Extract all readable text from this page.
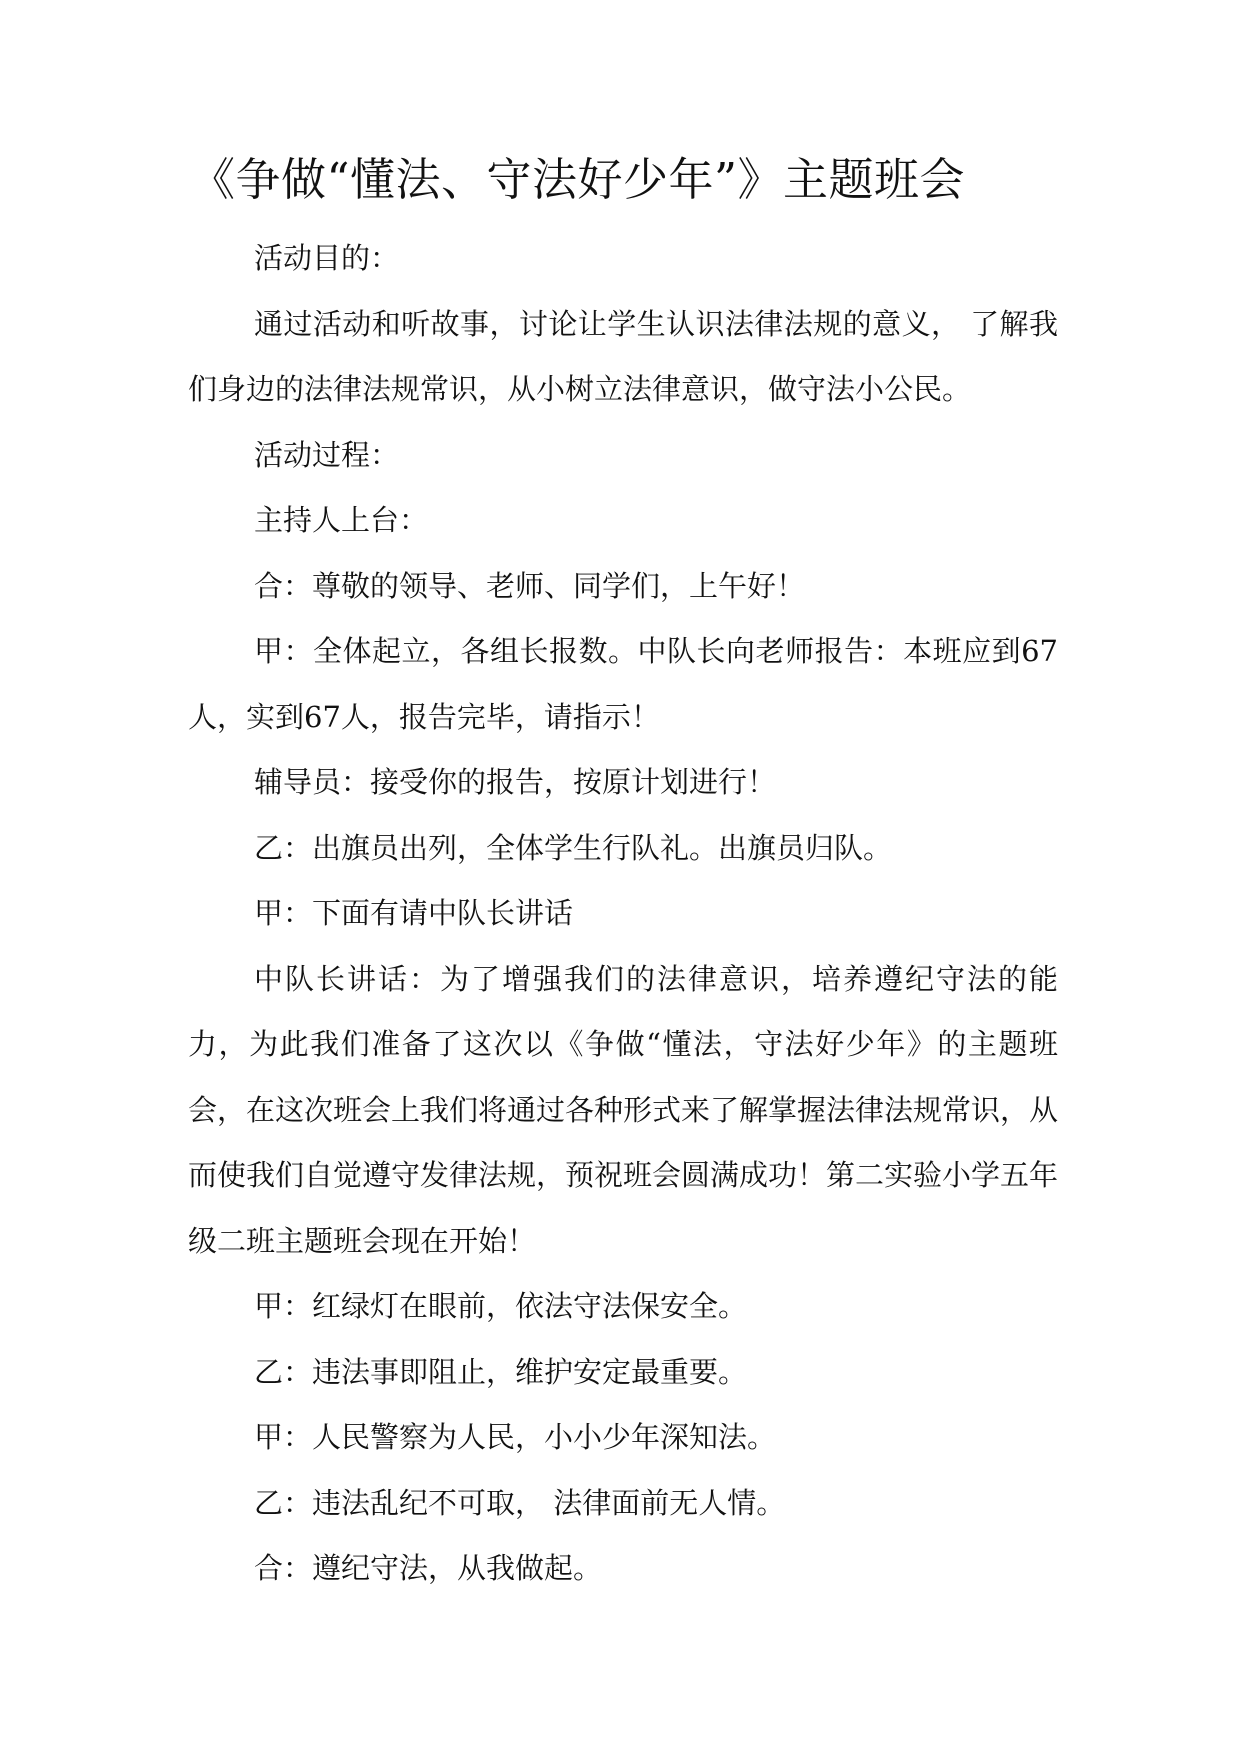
《争做“懂法、守法好少年”》主题班会

活动目的：

通过活动和听故事，讨论让学生认识法律法规的意义， 了解我们身边的法律法规常识，从小树立法律意识，做守法小公民。

活动过程：

主持人上台：

合：尊敬的领导、老师、同学们，上午好！

甲：全体起立，各组长报数。中队长向老师报告：本班应到67人，实到67人，报告完毕，请指示！

辅导员：接受你的报告，按原计划进行！

乙：出旗员出列，全体学生行队礼。出旗员归队。

甲：下面有请中队长讲话

中队长讲话：为了增强我们的法律意识，培养遵纪守法的能力，为此我们准备了这次以《争做“懂法，守法好少年》的主题班会，在这次班会上我们将通过各种形式来了解掌握法律法规常识，从而使我们自觉遵守发律法规，预祝班会圆满成功！第二实验小学五年级二班主题班会现在开始！

甲：红绿灯在眼前，依法守法保安全。

乙：违法事即阻止，维护安定最重要。

甲：人民警察为人民，小小少年深知法。

乙：违法乱纪不可取， 法律面前无人情。

合：遵纪守法，从我做起。
